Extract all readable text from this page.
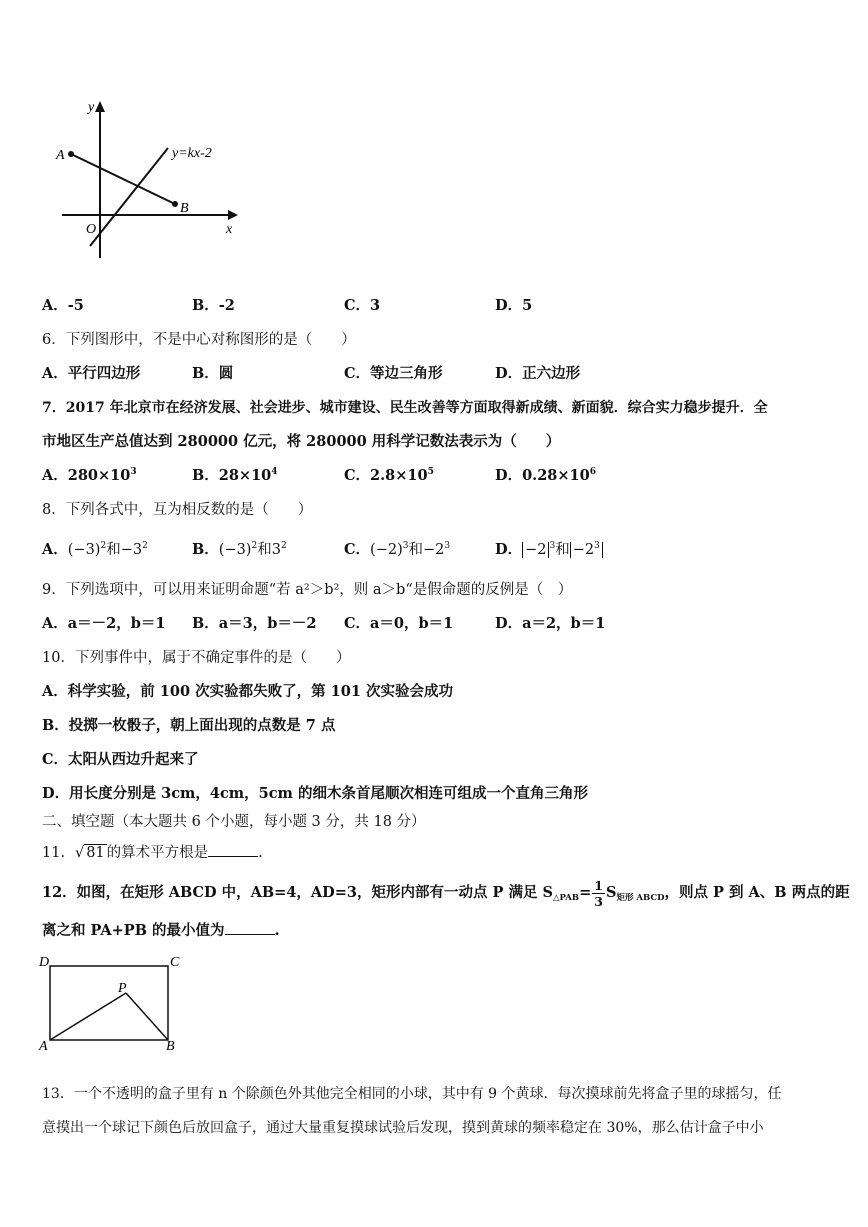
y
x
O
A
B
y=kx-2
A．-5	B．-2	C．3	D．5
6．下列图形中，不是中心对称图形的是（　　）
A．平行四边形	B．圆	C．等边三角形	D．正六边形
7．2017 年北京市在经济发展、社会进步、城市建设、民生改善等方面取得新成绩、新面貌．综合实力稳步提升．全
市地区生产总值达到 280000 亿元，将 280000 用科学记数法表示为（　　）
A．$280\times 10^3$	B．$28\times 10^4$	C．$2.8\times 10^5$	D．$0.28\times 10^6$
8．下列各式中，互为相反数的是（　　）
A．$(-3)^2$和$-3^2$	B．$(-3)^2$和$3^2$	C．$(-2)^3$和$-2^3$	D． −2 $^3$和 $-2^3$
9．下列选项中，可以用来证明命题“若 a²＞b²，则 a＞b“是假命题的反例是（　）
A．a＝－2，b＝1 B．a＝3，b＝－2 C．a＝0，b＝1	D．a＝2，b＝1
10．下列事件中，属于不确定事件的是（　　）
A．科学实验，前 100 次实验都失败了，第 101 次实验会成功
B．投掷一枚骰子，朝上面出现的点数是 7 点
C．太阳从西边升起来了
D．用长度分别是 3cm，4cm，5cm 的细木条首尾顺次相连可组成一个直角三角形
二、填空题（本大题共 6 个小题，每小题 3 分，共 18 分）
11．√ 81 的算术平方根是	.
12．如图，在矩形 ABCD 中，AB=4，AD=3，矩形内部有一动点 P 满足 $S_{\triangle PAB}= \frac{1}{3} S_{矩形 ABCD}$，则点 P 到 A、B 两点的距
离之和 PA+PB 的最小值为	.
D	C
A	B
P
13．一个不透明的盒子里有 n 个除颜色外其他完全相同的小球，其中有 9 个黄球．每次摸球前先将盒子里的球摇匀，任
意摸出一个球记下颜色后放回盒子，通过大量重复摸球试验后发现，摸到黄球的频率稳定在 30%，那么估计盒子中小
